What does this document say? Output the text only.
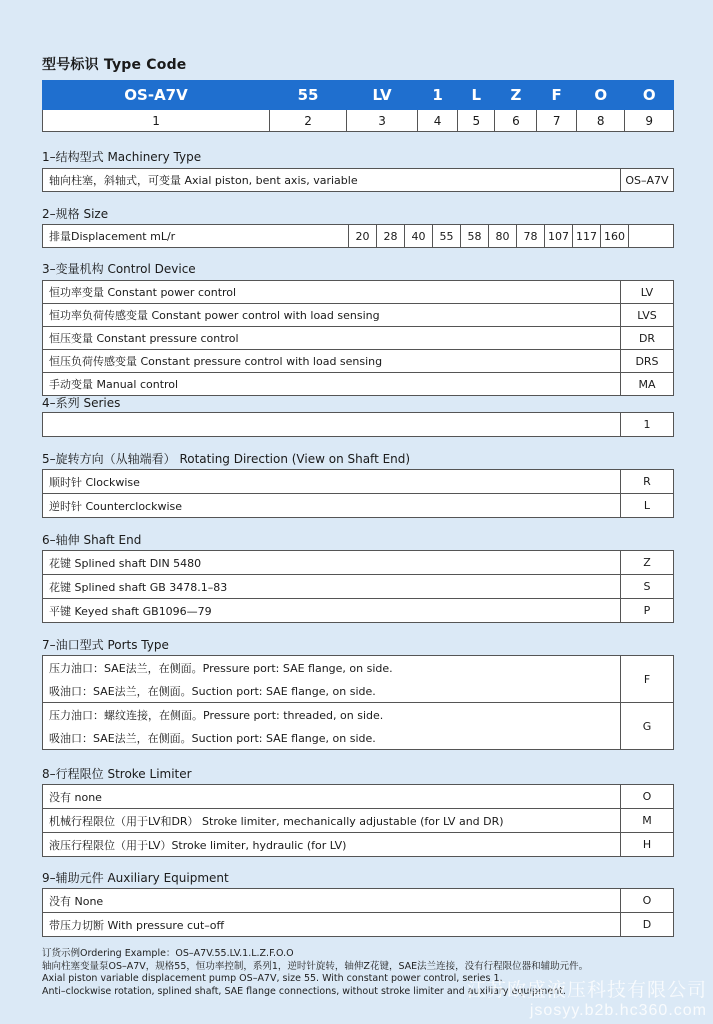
型号标识 Type Code
OS-A7V	55	LV	1	L	Z	F	O	O
1	2	3	4	5	6	7	8	9
1–结构型式 Machinery Type
轴向柱塞，斜轴式，可变量 Axial piston, bent axis, variable	OS–A7V
2–规格 Size
排量Displacement mL/r	20	28	40	55	58	80	78	107	117	160	
3–变量机构 Control Device
恒功率变量 Constant power control	LV
恒功率负荷传感变量 Constant power control with load sensing	LVS
恒压变量 Constant pressure control	DR
恒压负荷传感变量 Constant pressure control with load sensing	DRS
手动变量 Manual control	MA
4–系列 Series
	1
5–旋转方向（从轴端看） Rotating Direction (View on Shaft End)
顺时针 Clockwise	R
逆时针 Counterclockwise	L
6–轴伸 Shaft End
花键 Splined shaft DIN 5480	Z
花键 Splined shaft GB 3478.1–83	S
平键 Keyed shaft GB1096—79	P
7–油口型式 Ports Type
压力油口：SAE法兰，在侧面。Pressure port: SAE flange, on side.	F
吸油口：SAE法兰，在侧面。Suction port: SAE flange, on side.	
压力油口：螺纹连接，在侧面。Pressure port: threaded, on side.	G
吸油口：SAE法兰，在侧面。Suction port: SAE flange, on side.	
8–行程限位 Stroke Limiter
没有 none	O
机械行程限位（用于LV和DR） Stroke limiter, mechanically adjustable (for LV and DR)	M
液压行程限位（用于LV）Stroke limiter, hydraulic (for LV)	H
9–辅助元件 Auxiliary Equipment
没有 None	O
带压力切断 With pressure cut–off	D
订货示例Ordering Example：OS–A7V.55.LV.1.L.Z.F.O.O
轴向柱塞变量泵OS–A7V，规格55，恒功率控制，系列1，逆时针旋转，轴伸Z花键，SAE法兰连接，没有行程限位器和辅助元件。
Axial piston variable displacement pump OS–A7V, size 55. With constant power control, series 1.
Anti–clockwise rotation, splined shaft, SAE flange connections, without stroke limiter and auxiliary equipment.
江苏欧盛液压科技有限公司
jsosyy.b2b.hc360.com
